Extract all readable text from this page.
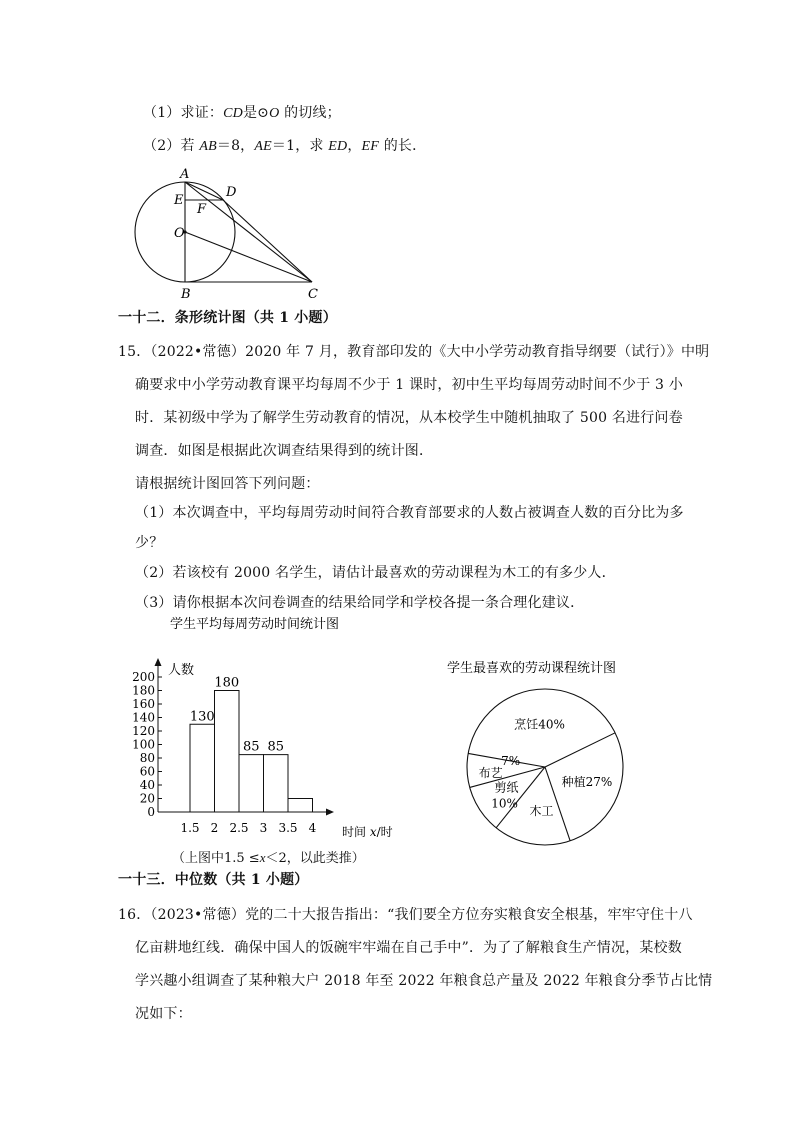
（1）求证：CD是⊙O 的切线；
（2）若 AB＝8，AE＝1，求 ED，EF 的长．
A
D
E
F
O
B	C
一十二．条形统计图（共 1 小题）
15．（2022•常德）2020 年 7 月，教育部印发的《大中小学劳动教育指导纲要（试行）》中明
确要求中小学劳动教育课平均每周不少于 1 课时，初中生平均每周劳动时间不少于 3 小
时．某初级中学为了解学生劳动教育的情况，从本校学生中随机抽取了 500 名进行问卷
调查．如图是根据此次调查结果得到的统计图．
请根据统计图回答下列问题：
（1）本次调查中，平均每周劳动时间符合教育部要求的人数占被调查人数的百分比为多
少？
（2）若该校有 2000 名学生，请估计最喜欢的劳动课程为木工的有多少人．
（3）请你根据本次问卷调查的结果给同学和学校各提一条合理化建议．
学生平均每周劳动时间统计图
人数
0
20
40
60
80
100
120
140
160
180
200
130
180
85 85
1.5 2 2.5 3 3.5 4 时间 x/时
（上图中1.5 ≤x＜2，以此类推）
学生最喜欢的劳动课程统计图
烹饪40%
种植27%
木工
剪纸
10%
布艺
7%
一十三．中位数（共 1 小题）
16．（2023•常德）党的二十大报告指出：“我们要全方位夯实粮食安全根基，牢牢守住十八
亿亩耕地红线．确保中国人的饭碗牢牢端在自己手中”．为了了解粮食生产情况，某校数
学兴趣小组调查了某种粮大户 2018 年至 2022 年粮食总产量及 2022 年粮食分季节占比情
况如下：
